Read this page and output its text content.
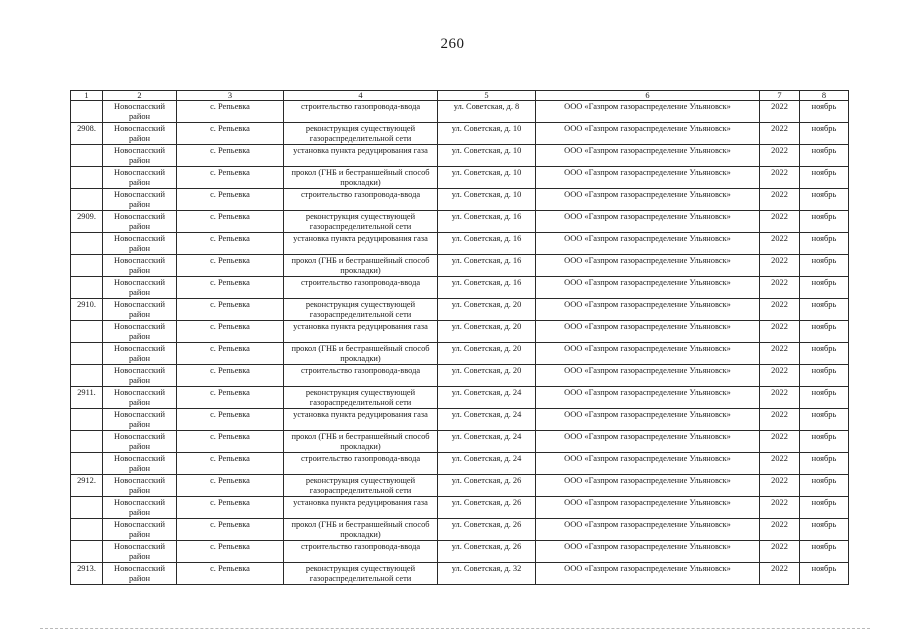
260
1	2	3	4	5	6	7	8
	Новоспасский район	с. Репьевка	строительство газопровода-ввода	ул. Советская, д. 8	ООО «Газпром газораспределение Ульяновск»	2022	ноябрь
2908.	Новоспасский район	с. Репьевка	реконструкция существующей газораспределительной сети	ул. Советская, д. 10	ООО «Газпром газораспределение Ульяновск»	2022	ноябрь
	Новоспасский район	с. Репьевка	установка пункта редуцирования газа	ул. Советская, д. 10	ООО «Газпром газораспределение Ульяновск»	2022	ноябрь
	Новоспасский район	с. Репьевка	прокол (ГНБ и бестраншейный способ прокладки)	ул. Советская, д. 10	ООО «Газпром газораспределение Ульяновск»	2022	ноябрь
	Новоспасский район	с. Репьевка	строительство газопровода-ввода	ул. Советская, д. 10	ООО «Газпром газораспределение Ульяновск»	2022	ноябрь
2909.	Новоспасский район	с. Репьевка	реконструкция существующей газораспределительной сети	ул. Советская, д. 16	ООО «Газпром газораспределение Ульяновск»	2022	ноябрь
	Новоспасский район	с. Репьевка	установка пункта редуцирования газа	ул. Советская, д. 16	ООО «Газпром газораспределение Ульяновск»	2022	ноябрь
	Новоспасский район	с. Репьевка	прокол (ГНБ и бестраншейный способ прокладки)	ул. Советская, д. 16	ООО «Газпром газораспределение Ульяновск»	2022	ноябрь
	Новоспасский район	с. Репьевка	строительство газопровода-ввода	ул. Советская, д. 16	ООО «Газпром газораспределение Ульяновск»	2022	ноябрь
2910.	Новоспасский район	с. Репьевка	реконструкция существующей газораспределительной сети	ул. Советская, д. 20	ООО «Газпром газораспределение Ульяновск»	2022	ноябрь
	Новоспасский район	с. Репьевка	установка пункта редуцирования газа	ул. Советская, д. 20	ООО «Газпром газораспределение Ульяновск»	2022	ноябрь
	Новоспасский район	с. Репьевка	прокол (ГНБ и бестраншейный способ прокладки)	ул. Советская, д. 20	ООО «Газпром газораспределение Ульяновск»	2022	ноябрь
	Новоспасский район	с. Репьевка	строительство газопровода-ввода	ул. Советская, д. 20	ООО «Газпром газораспределение Ульяновск»	2022	ноябрь
2911.	Новоспасский район	с. Репьевка	реконструкция существующей газораспределительной сети	ул. Советская, д. 24	ООО «Газпром газораспределение Ульяновск»	2022	ноябрь
	Новоспасский район	с. Репьевка	установка пункта редуцирования газа	ул. Советская, д. 24	ООО «Газпром газораспределение Ульяновск»	2022	ноябрь
	Новоспасский район	с. Репьевка	прокол (ГНБ и бестраншейный способ прокладки)	ул. Советская, д. 24	ООО «Газпром газораспределение Ульяновск»	2022	ноябрь
	Новоспасский район	с. Репьевка	строительство газопровода-ввода	ул. Советская, д. 24	ООО «Газпром газораспределение Ульяновск»	2022	ноябрь
2912.	Новоспасский район	с. Репьевка	реконструкция существующей газораспределительной сети	ул. Советская, д. 26	ООО «Газпром газораспределение Ульяновск»	2022	ноябрь
	Новоспасский район	с. Репьевка	установка пункта редуцирования газа	ул. Советская, д. 26	ООО «Газпром газораспределение Ульяновск»	2022	ноябрь
	Новоспасский район	с. Репьевка	прокол (ГНБ и бестраншейный способ прокладки)	ул. Советская, д. 26	ООО «Газпром газораспределение Ульяновск»	2022	ноябрь
	Новоспасский район	с. Репьевка	строительство газопровода-ввода	ул. Советская, д. 26	ООО «Газпром газораспределение Ульяновск»	2022	ноябрь
2913.	Новоспасский район	с. Репьевка	реконструкция существующей газораспределительной сети	ул. Советская, д. 32	ООО «Газпром газораспределение Ульяновск»	2022	ноябрь
